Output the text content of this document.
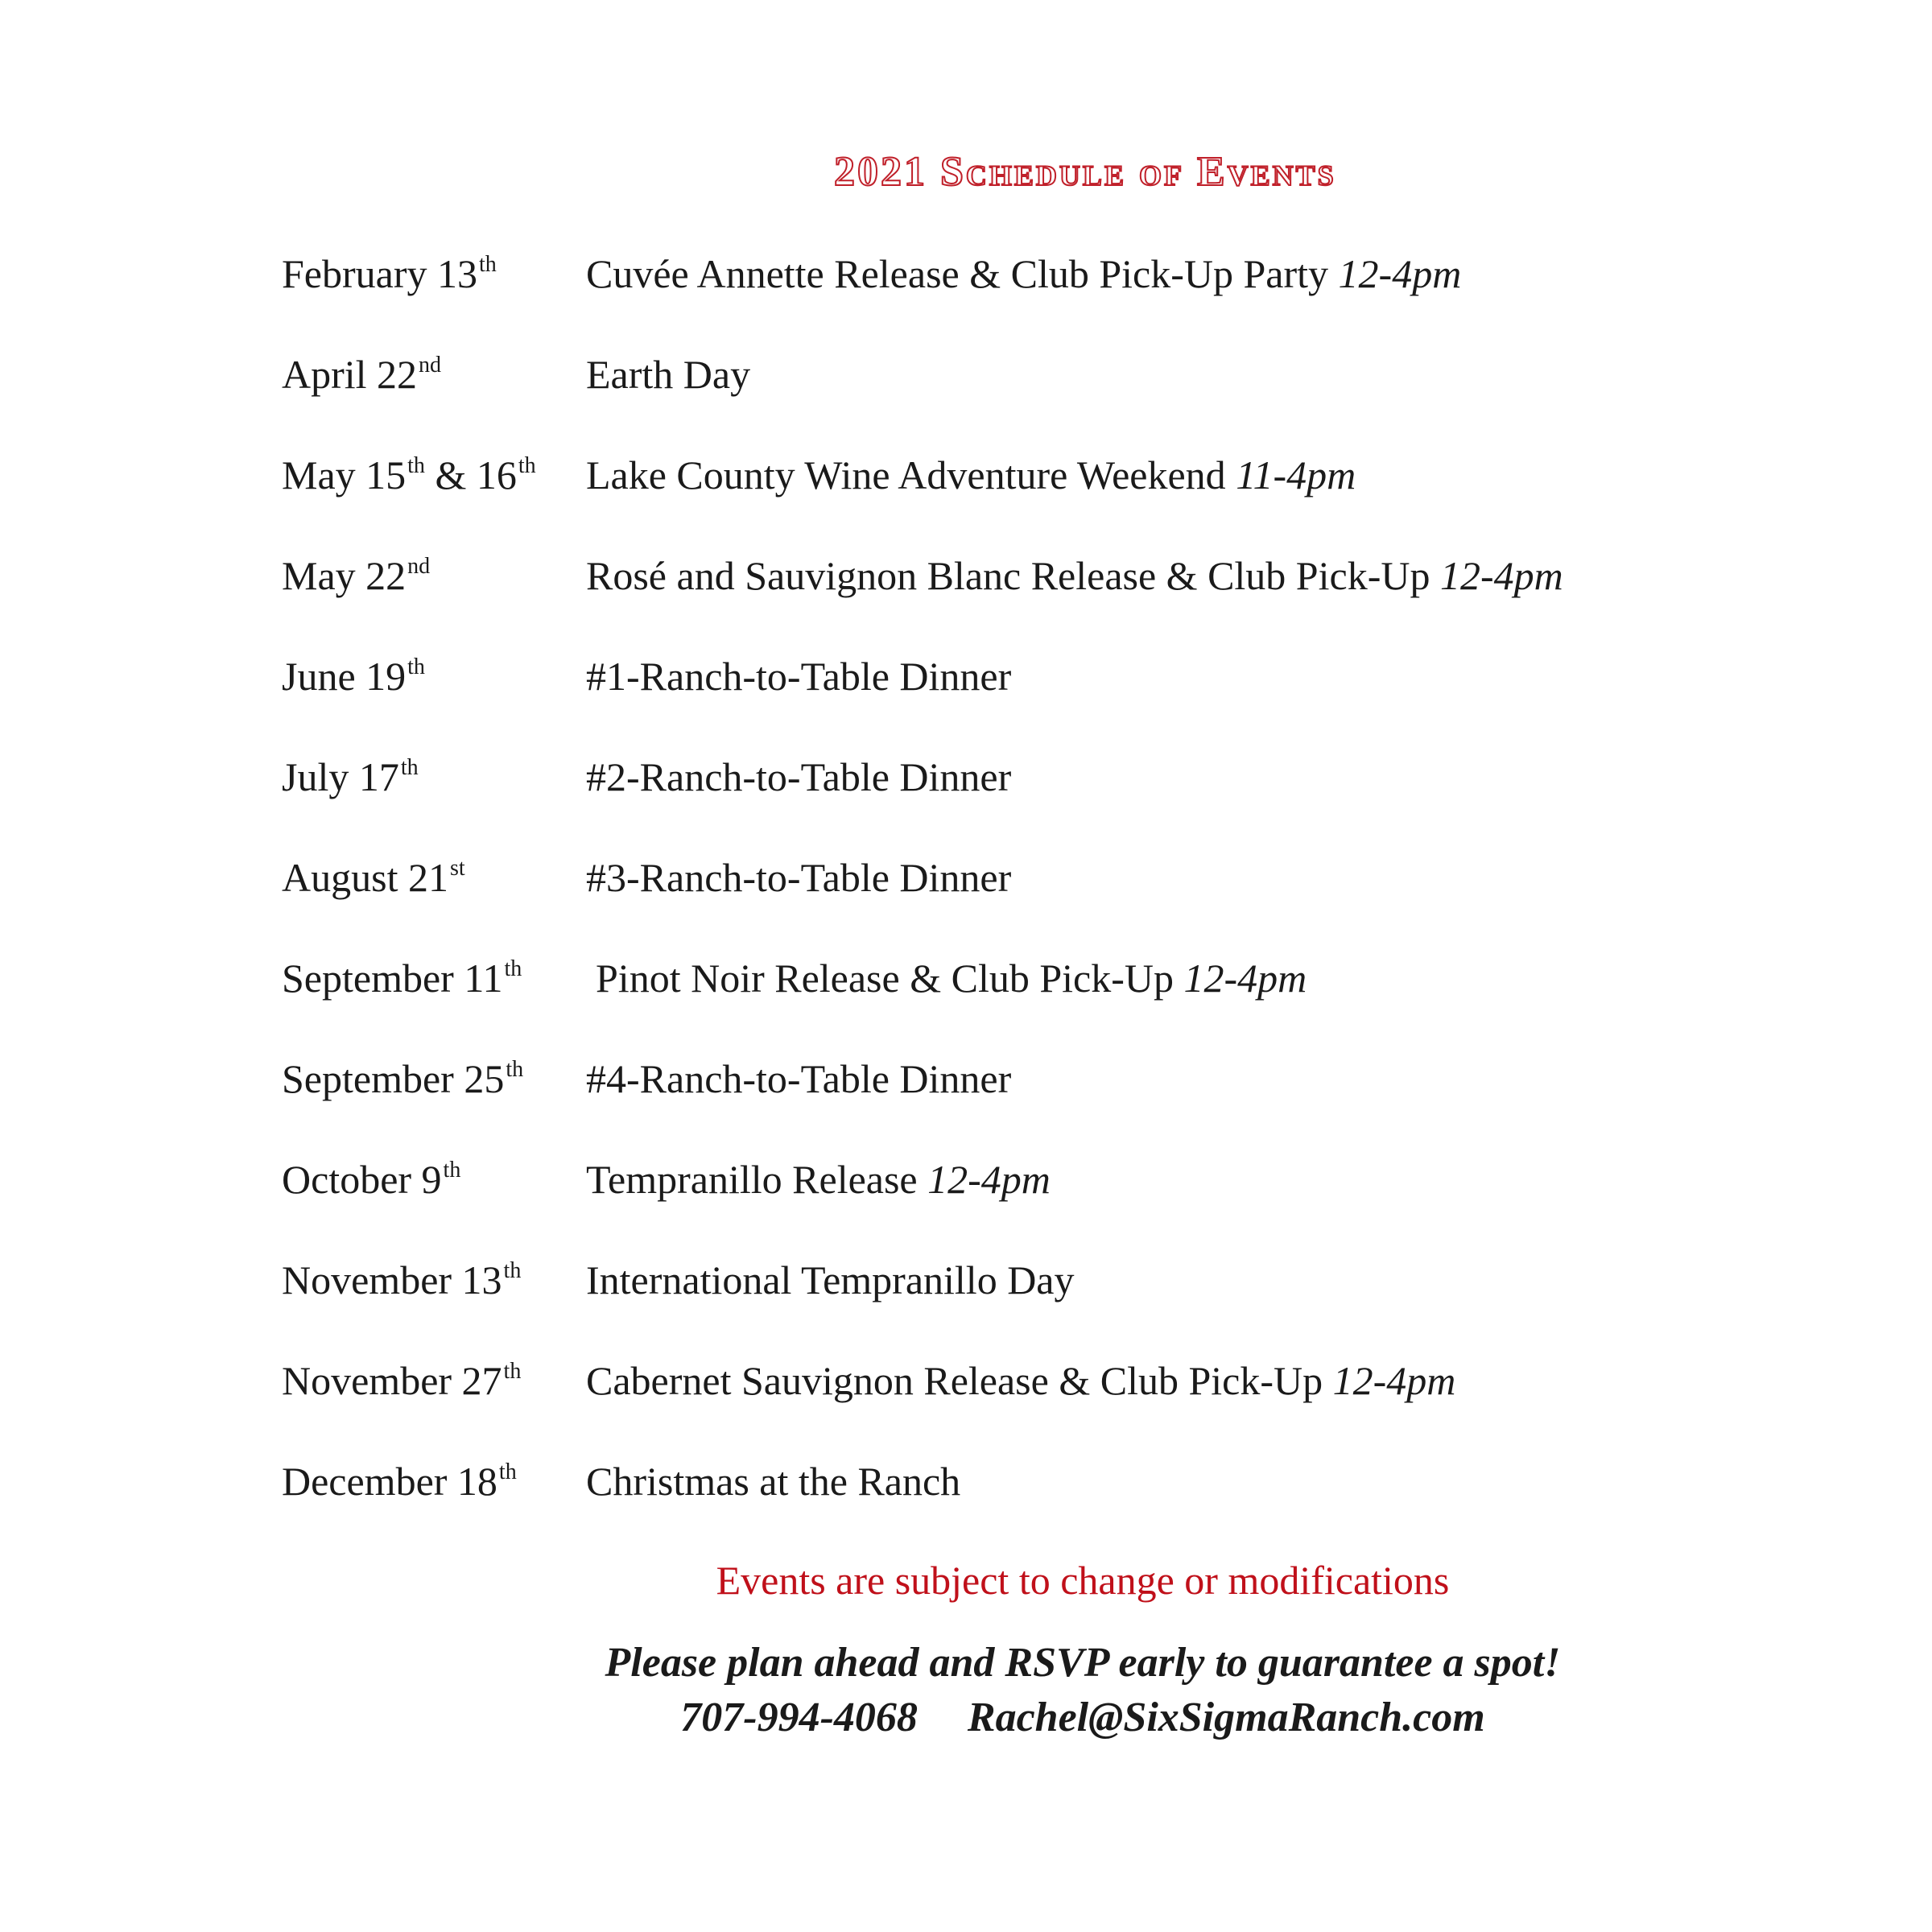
2021 Schedule of Events
February 13th Cuvée Annette Release & Club Pick-Up Party 12-4pm
April 22nd	Earth Day
May 15th & 16th Lake County Wine Adventure Weekend 11-4pm
May 22nd	Rosé and Sauvignon Blanc Release & Club Pick-Up 12-4pm
June 19th	#1-Ranch-to-Table Dinner
July 17th	#2-Ranch-to-Table Dinner
August 21st	#3-Ranch-to-Table Dinner
September 11th Pinot Noir Release & Club Pick-Up 12-4pm
September 25th #4-Ranch-to-Table Dinner
October 9th	Tempranillo Release 12-4pm
November 13th International Tempranillo Day
November 27th Cabernet Sauvignon Release & Club Pick-Up 12-4pm
December 18th Christmas at the Ranch
Events are subject to change or modifications
Please plan ahead and RSVP early to guarantee a spot!
707-994-4068 Rachel@SixSigmaRanch.com
